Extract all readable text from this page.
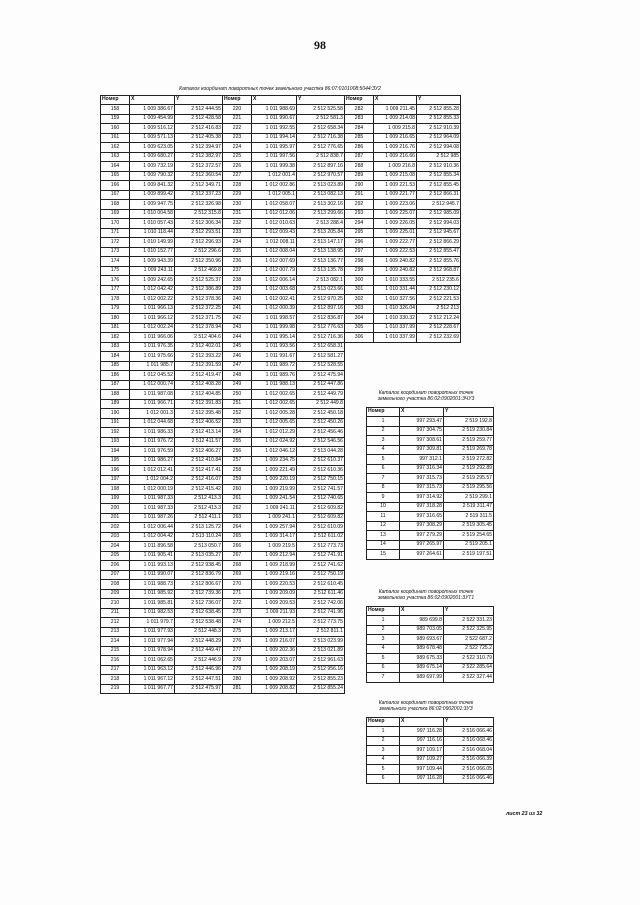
98
Каталог координат поворотных точек земельного участка 86:07:0101008:5044:ЗУ2
Номер	X	Y	Номер	X	Y	Номер	X	Y
158	1 009 386.67	2 512 444.55	220	1 011 988.69	2 512 525.58	282	1 009 211.45	2 512 855.28
159	1 009 454.99	2 512 428.58	221	1 011 990.67	2 512 581.3	283	1 009 214.08	2 512 855.33
160	1 009 516.12	2 512 416.83	222	1 011 992.55	2 512 658.34	284	1 009 215.8	2 512 910.39
161	1 009 571.13	2 512 405.38	223	1 011 994.14	2 512 716.38	285	1 009 216.65	2 512 964.09
162	1 009 623.05	2 512 394.97	224	1 011 995.97	2 512 776.65	286	1 009 216.76	2 512 994.08
163	1 009 680.27	2 512 382.97	225	1 011 997.56	2 512 838.7	287	1 009 216.66	2 512 985
164	1 009 732.19	2 512 372.57	226	1 011 999.38	2 512 897.16	288	1 009 216.8	2 512 910.36
165	1 009 790.32	2 512 360.54	227	1 012 001.4	2 512 970.57	289	1 009 215.08	2 512 855.34
166	1 009 841.32	2 512 349.71	228	1 012 002.86	2 513 023.89	290	1 009 221.53	2 512 855.45
167	1 009 899.42	2 512 337.23	229	1 012 005.1	2 513 082.13	291	1 009 221.77	2 512 866.31
168	1 009 947.75	2 512 326.98	230	1 012 058.07	2 513 302.16	292	1 009 223.06	2 512 945.7
169	1 010 004.58	2 512 315.8	231	1 012 012.06	2 513 299.66	293	1 009 225.07	2 512 985.09
170	1 010 057.43	2 512 306.34	232	1 012 010.63	2 513 288.4	294	1 009 226.05	2 512 994.03
171	1 010 118.44	2 512 293.51	233	1 012 009.43	2 513 205.84	295	1 009 225.01	2 512 945.67
172	1 010 149.99	2 512 296.93	234	1 012 008.11	2 513 147.17	296	1 009 222.77	2 512 866.29
173	1 010 152.77	2 512 296.6	235	1 012 008.04	2 513 138.95	297	1 009 222.53	2 512 855.47
174	1 009 943.39	2 512 350.96	236	1 012 007.69	2 513 136.77	298	1 009 240.82	2 512 855.76
175	1 009 243.11	2 512 469.8	237	1 012 007.79	2 513 135.78	299	1 009 240.82	2 512 968.87
176	1 009 242.65	2 512 525.37	238	1 012 006.14	2 513 082.1	300	1 010 333.55	2 512 235.6
177	1 012 042.42	2 512 386.89	239	1 012 003.68	2 513 023.66	301	1 010 331.44	2 512 230.12
178	1 012 002.22	2 512 378.36	240	1 012 002.41	2 512 970.25	302	1 010 327.56	2 512 221.53
179	1 011 966.13	2 512 372.25	241	1 012 000.39	2 512 897.16	303	1 010 326.04	2 512 213
180	1 011 966.12	2 512 371.75	242	1 011 998.57	2 512 836.87	304	1 010 330.32	2 512 212.24
181	1 012 002.24	2 512 378.94	243	1 011 999.98	2 512 776.63	305	1 010 337.99	2 512 228.67
182	1 011 966.06	2 512 404.6	244	1 011 995.14	2 512 716.36	306	1 010 337.99	2 512 232.69
183	1 011 976.35	2 512 402.01	245	1 011 993.56	2 512 658.31			
184	1 011 975.66	2 512 393.22	246	1 011 991.67	2 512 581.27			
185	1 011 985.7	2 512 391.59	247	1 011 989.72	2 512 528.55			
186	1 012 045.52	2 512 419.47	248	1 011 989.76	2 512 475.94			
187	1 012 000.74	2 512 408.28	249	1 011 988.13	2 512 447.86			
188	1 011 987.08	2 512 404.85	250	1 012 002.65	2 512 449.79			
189	1 011 966.71	2 512 391.83	251	1 012 002.65	2 512 449.8			
190	1 012 001.3	2 512 395.48	252	1 012 005.28	2 512 450.18			
191	1 012 044.68	2 512 406.52	253	1 012 005.65	2 512 450.26			
192	1 011 986.33	2 512 413.14	254	1 012 012.29	2 512 456.46			
193	1 011 976.72	2 512 411.57	255	1 012 024.92	2 512 546.56			
194	1 011 976.59	2 512 406.27	256	1 012 046.12	2 513 044.28			
195	1 011 986.27	2 512 410.84	257	1 009 234.75	2 512 610.37			
196	1 012 012.41	2 512 417.41	258	1 009 221.49	2 512 610.36			
197	1 012 004.2	2 512 416.07	259	1 009 220.19	2 512 750.15			
198	1 012 000.19	2 512 415.42	260	1 009 219.99	2 512 741.57			
199	1 011 987.33	2 512 413.3	261	1 009 241.54	2 512 740.65			
200	1 011 987.33	2 512 413.3	262	1 009 241.11	2 512 609.82			
201	1 011 987.26	2 512 411.1	263	1 009 241.1	2 512 609.82			
202	1 012 006.44	2 513 125.72	264	1 009 257.94	2 512 610.09			
203	1 012 004.42	2 513 110.24	265	1 009 314.17	2 512 611.02			
204	1 011 896.58	2 513 050.7	266	1 009 219.5	2 512 773.73			
205	1 011 905.41	2 513 035.27	267	1 009 212.94	2 512 741.91			
206	1 011 993.13	2 512 938.45	268	1 009 218.99	2 512 741.62			
207	1 011 990.07	2 512 836.79	269	1 009 219.16	2 512 750.19			
208	1 011 988.73	2 512 806.67	270	1 009 220.53	2 512 610.45			
209	1 011 985.92	2 512 739.36	271	1 009 209.09	2 512 611.46			
210	1 011 985.81	2 512 736.07	272	1 009 209.53	2 512 742.06			
211	1 011 982.53	2 512 638.45	273	1 009 211.93	2 512 741.96			
212	1 011 979.7	2 512 538.48	274	1 009 212.5	2 512 773.75			
213	1 011 977.93	2 512 448.3	275	1 009 213.17	2 512 811.1			
214	1 011 977.94	2 512 448.29	276	1 009 216.07	2 513 023.99			
215	1 011 978.94	2 512 449.47	277	1 009 202.36	2 513 021.89			
216	1 011 062.65	2 512 446.9	278	1 009 203.07	2 512 961.63			
217	1 011 963.12	2 512 446.96	279	1 009 208.19	2 512 956.16			
218	1 011 967.12	2 512 447.51	280	1 009 208.92	2 512 855.23			
219	1 011 967.77	2 512 475.97	281	1 009 208.82	2 512 855.24			
Каталог координат поворотных точек земельного участка 86:02:0902001:3ЧУ3
Номер	X	Y
1	997 293.47	2 519 192.8
2	997 304.75	2 519 230.84
3	997 308.61	2 519 259.77
4	997 309.81	2 519 269.78
5	997 312.1	2 519 272.82
6	997 316.34	2 519 292.89
7	997 315.73	2 519 295.57
8	997 315.73	2 519 295.56
9	997 314.92	2 519 299.1
10	997 318.28	2 519 311.47
11	997 316.65	2 519 311.5
12	997 308.29	2 519 305.45
13	997 279.29	2 519 254.65
14	997 265.97	2 519 205.1
15	997 264.61	2 519 197.51
Каталог координат поворотных точек земельного участка 86:02:0902001:3УТ1
Номер	X	Y
1	989 699.8	2 522 331.23
2	989 703.05	2 522 325.95
3	989 693.67	2 522 687.2
4	989 678.48	2 522 725.2
5	989 675.33	2 522 310.79
6	989 675.14	2 522 285.64
7	989 697.99	2 522 327.44
Каталог координат поворотных точек земельного участка 86:02:0902001:3УЗ
Номер	X	Y
1	997 116.28	2 516 066.46
2	997 116.16	2 516 068.46
3	997 109.17	2 516 068.04
4	997 109.27	2 516 066.39
5	997 109.44	2 516 066.05
6	997 116.28	2 516 066.46
лист 23 из 32
